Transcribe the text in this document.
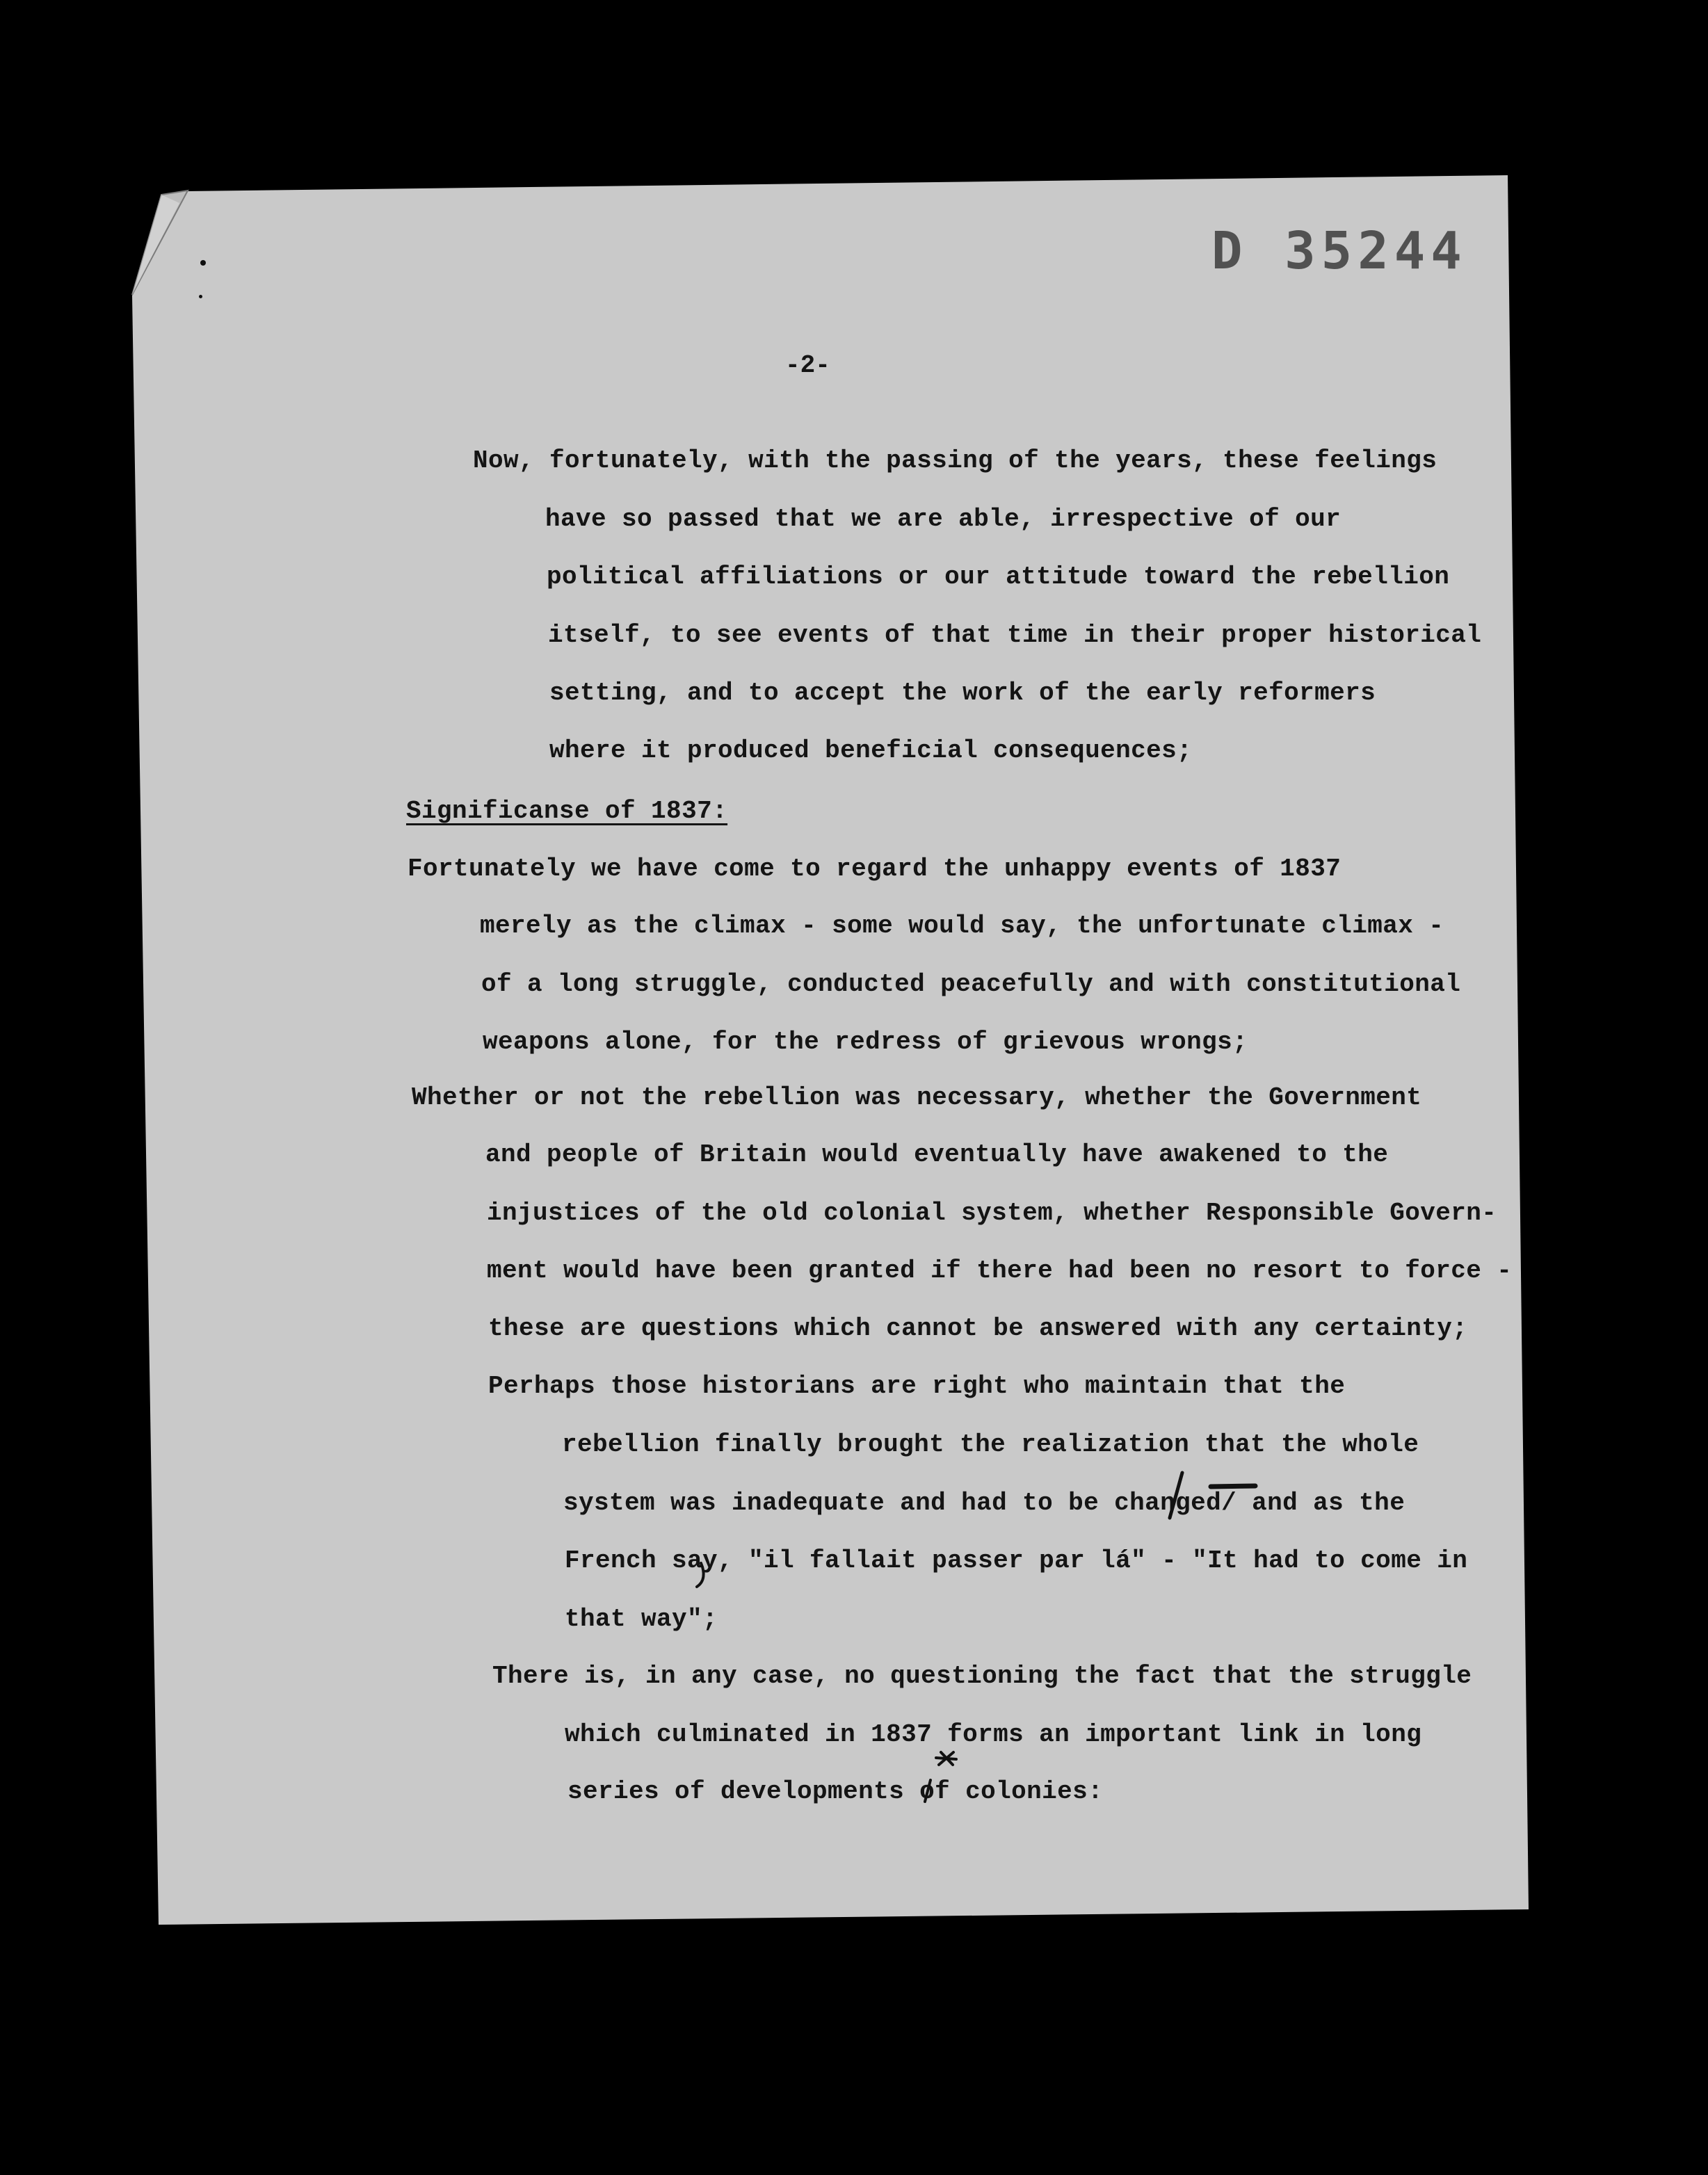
D 35244
-2-
Now, fortunately, with the passing of the years, these feelings
have so passed that we are able, irrespective of our
political affiliations or our attitude toward the rebellion
itself, to see events of that time in their proper historical
setting, and to accept the work of the early reformers
where it produced beneficial consequences;
Significanse of 1837:
Fortunately we have come to regard the unhappy events of 1837
merely as the climax - some would say, the unfortunate climax -
of a long struggle, conducted peacefully and with constitutional
weapons alone, for the redress of grievous wrongs;
Whether or not the rebellion was necessary, whether the Government
and people of Britain would eventually have awakened to the
injustices of the old colonial system, whether Responsible Govern-
ment would have been granted if there had been no resort to force -
these are questions which cannot be answered with any certainty;
Perhaps those historians are right who maintain that the
rebellion finally brought the realization that the whole
system was inadequate and had to be changed/ and as the
French say, "il fallait passer par lá" - "It had to come in
that way";
There is, in any case, no questioning the fact that the struggle
which culminated in 1837 forms an important link in long
series of developments of colonies:
